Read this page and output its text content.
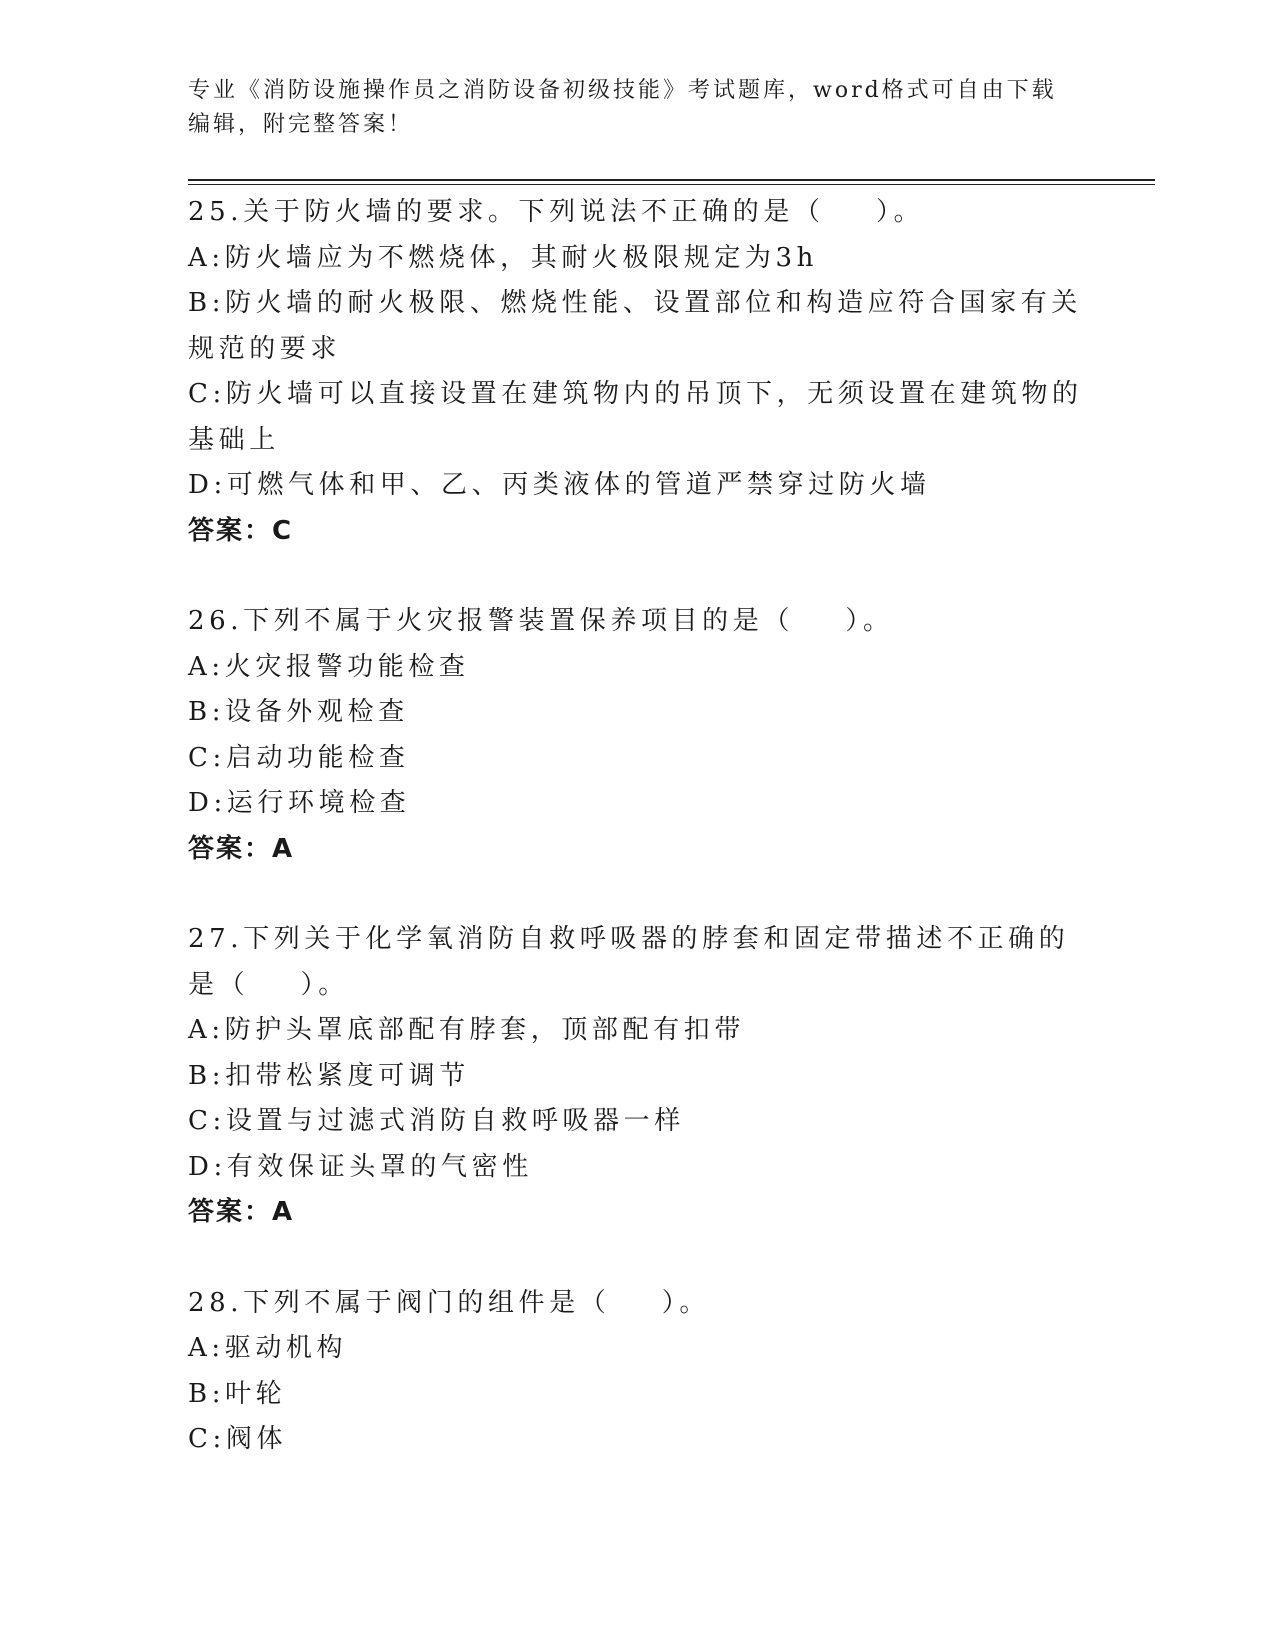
专业《消防设施操作员之消防设备初级技能》考试题库，word格式可自由下载编辑，附完整答案！
25.关于防火墙的要求。下列说法不正确的是（    ）。
A:防火墙应为不燃烧体，其耐火极限规定为3h
B:防火墙的耐火极限、燃烧性能、设置部位和构造应符合国家有关规范的要求
C:防火墙可以直接设置在建筑物内的吊顶下，无须设置在建筑物的基础上
D:可燃气体和甲、乙、丙类液体的管道严禁穿过防火墙
答案：C
26.下列不属于火灾报警装置保养项目的是（    ）。
A:火灾报警功能检查
B:设备外观检查
C:启动功能检查
D:运行环境检查
答案：A
27.下列关于化学氧消防自救呼吸器的脖套和固定带描述不正确的是（    ）。
A:防护头罩底部配有脖套，顶部配有扣带
B:扣带松紧度可调节
C:设置与过滤式消防自救呼吸器一样
D:有效保证头罩的气密性
答案：A
28.下列不属于阀门的组件是（    ）。
A:驱动机构
B:叶轮
C:阀体
